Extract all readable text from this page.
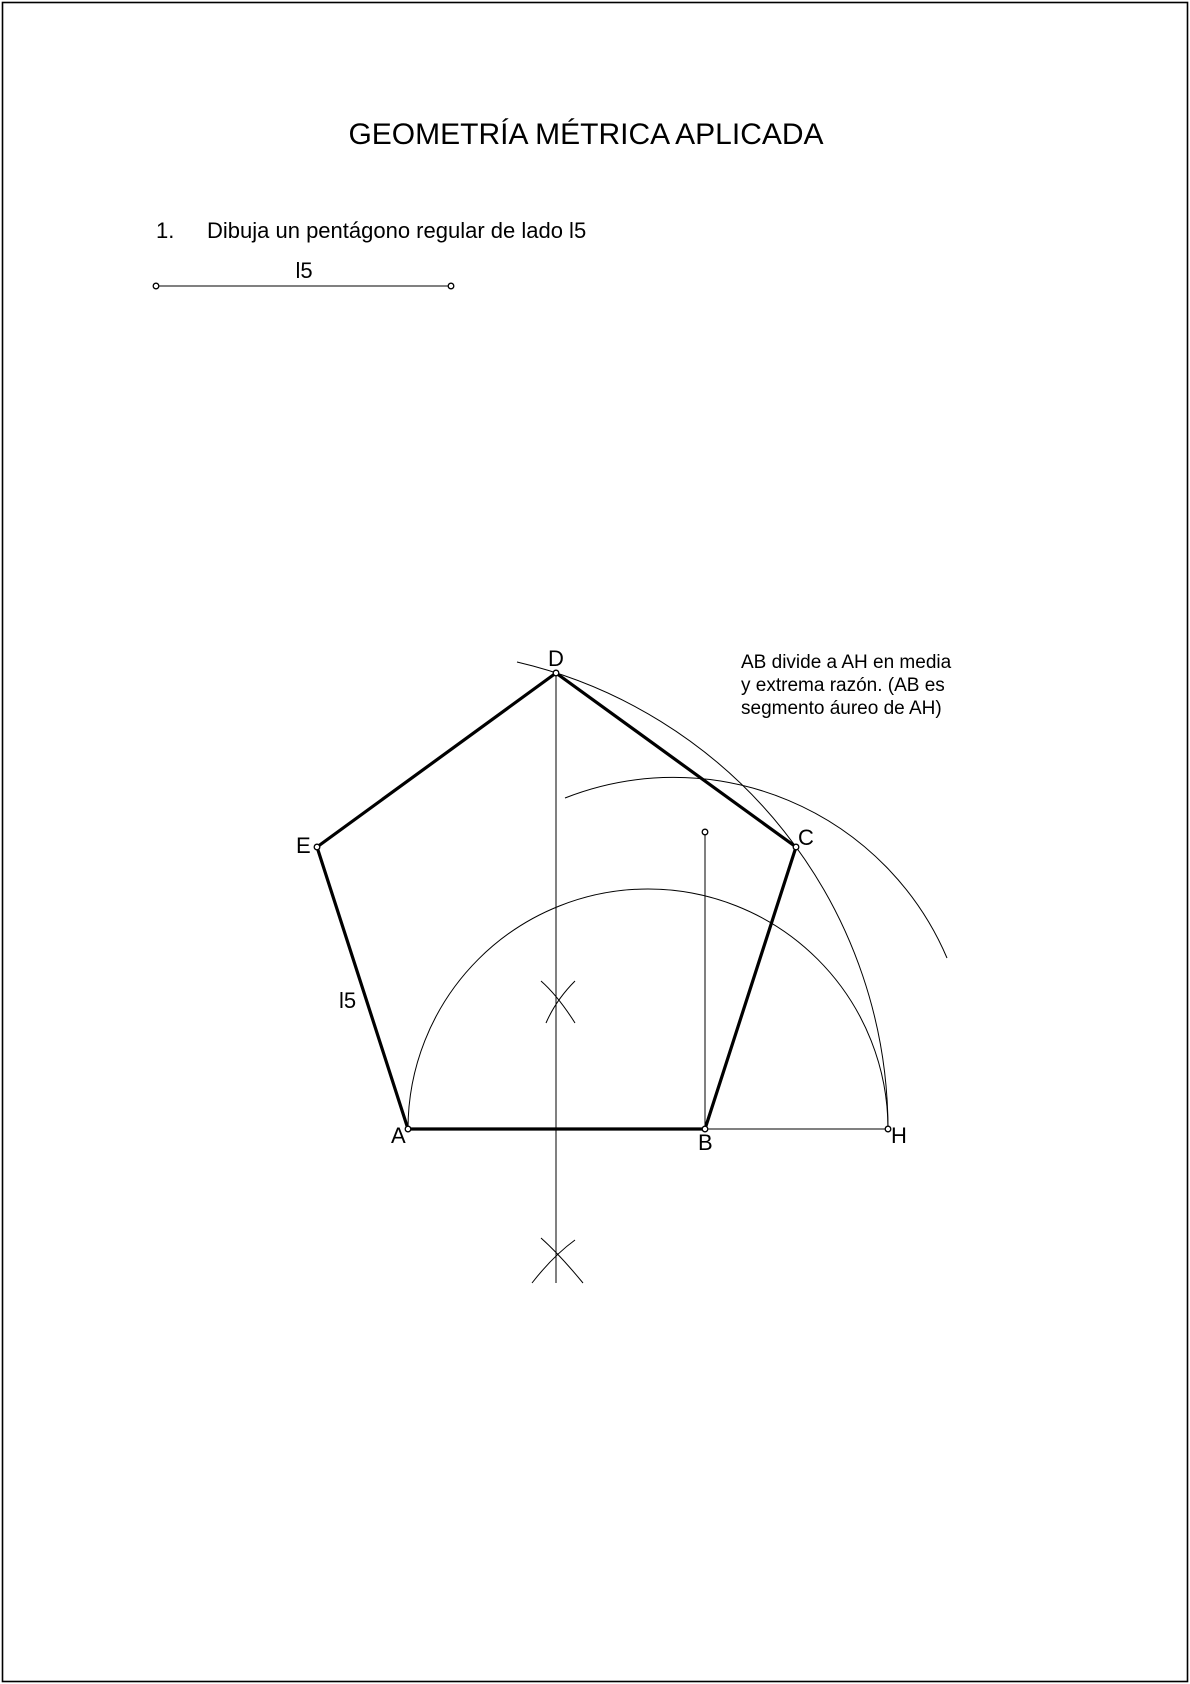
GEOMETRÍA MÉTRICA APLICADA
1. Dibuja un pentágono regular de lado l5
l5
A	B
C
D
E
H
l5
AB divide a AH en media
y extrema razón. (AB es
segmento áureo de AH)
